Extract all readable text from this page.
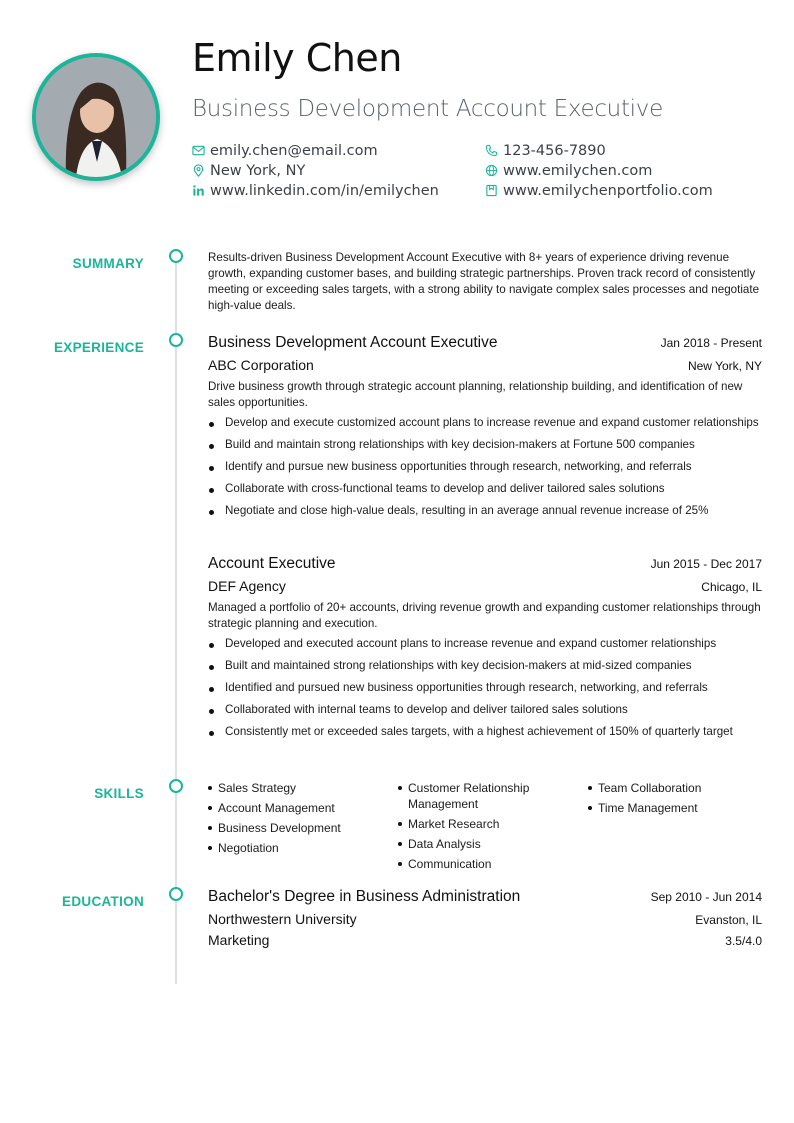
Emily Chen
Business Development Account Executive
emily.chen@email.com	123-456-7890
New York, NY	www.emilychen.com
www.linkedin.com/in/emilychen	www.emilychenportfolio.com
SUMMARY	Results-driven Business Development Account Executive with 8+ years of experience driving revenue growth, expanding customer bases, and building strategic partnerships. Proven track record of consistently meeting or exceeding sales targets, with a strong ability to navigate complex sales processes and negotiate high-value deals.
EXPERIENCE	Business Development Account Executive	Jan 2018 - Present
ABC Corporation	New York, NY
Drive business growth through strategic account planning, relationship building, and identification of new sales opportunities.
Develop and execute customized account plans to increase revenue and expand customer relationships
Build and maintain strong relationships with key decision-makers at Fortune 500 companies
Identify and pursue new business opportunities through research, networking, and referrals
Collaborate with cross-functional teams to develop and deliver tailored sales solutions
Negotiate and close high-value deals, resulting in an average annual revenue increase of 25%
Account Executive	Jun 2015 - Dec 2017
DEF Agency	Chicago, IL
Managed a portfolio of 20+ accounts, driving revenue growth and expanding customer relationships through strategic planning and execution.
Developed and executed account plans to increase revenue and expand customer relationships
Built and maintained strong relationships with key decision-makers at mid-sized companies
Identified and pursued new business opportunities through research, networking, and referrals
Collaborated with internal teams to develop and deliver tailored sales solutions
Consistently met or exceeded sales targets, with a highest achievement of 150% of quarterly target
SKILLS	Sales Strategy
Account Management
Business Development
Negotiation
Customer Relationship Management
Market Research
Data Analysis
Communication
Team Collaboration
Time Management
EDUCATION	Bachelor's Degree in Business Administration	Sep 2010 - Jun 2014
Northwestern University	Evanston, IL
Marketing	3.5/4.0
